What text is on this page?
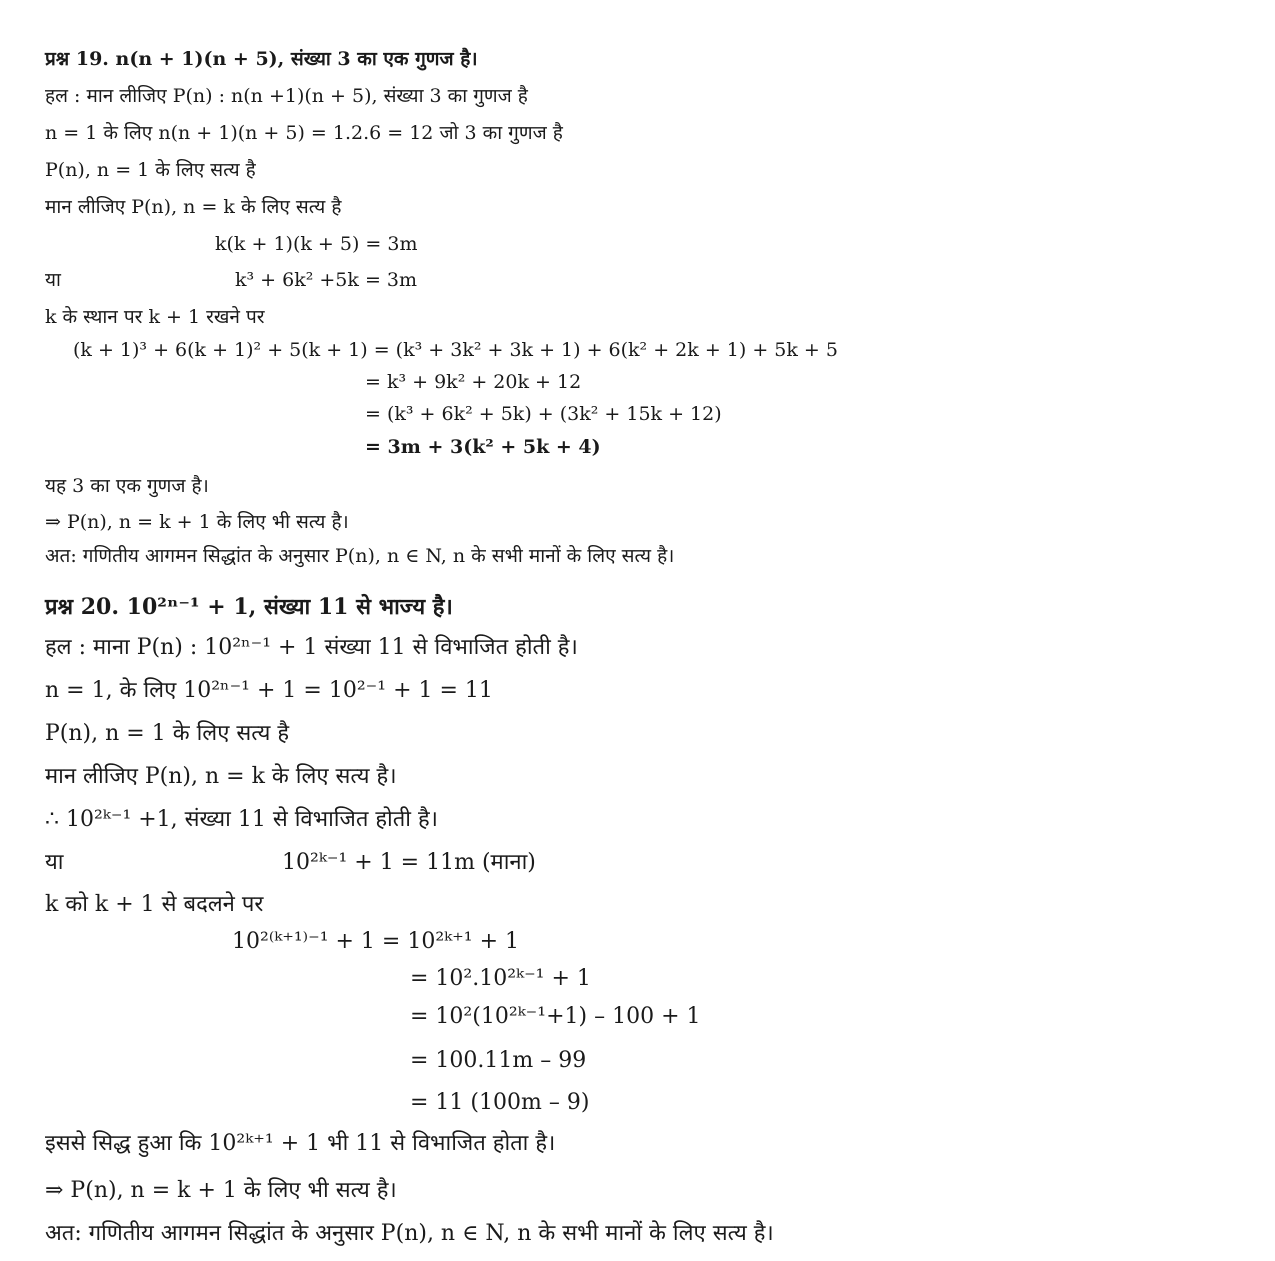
प्रश्न 19. n(n + 1)(n + 5), संख्या 3 का एक गुणज है।
हल : मान लीजिए P(n) : n(n +1)(n + 5), संख्या 3 का गुणज है
n = 1 के लिए n(n + 1)(n + 5) = 1.2.6 = 12 जो 3 का गुणज है
P(n), n = 1 के लिए सत्य है
मान लीजिए P(n), n = k के लिए सत्य है
k(k + 1)(k + 5) = 3m
या	k³ + 6k² +5k = 3m
k के स्थान पर k + 1 रखने पर
(k + 1)³ + 6(k + 1)² + 5(k + 1) = (k³ + 3k² + 3k + 1) + 6(k² + 2k + 1) + 5k + 5
= k³ + 9k² + 20k + 12
= (k³ + 6k² + 5k) + (3k² + 15k + 12)
= 3m + 3(k² + 5k + 4)
यह 3 का एक गुणज है।
⇒ P(n), n = k + 1 के लिए भी सत्य है।
अत: गणितीय आगमन सिद्धांत के अनुसार P(n), n ∈ N, n के सभी मानों के लिए सत्य है।
प्रश्न 20. 10²ⁿ⁻¹ + 1, संख्या 11 से भाज्य है।
हल : माना P(n) : 10²ⁿ⁻¹ + 1 संख्या 11 से विभाजित होती है।
n = 1, के लिए 10²ⁿ⁻¹ + 1 = 10²⁻¹ + 1 = 11
P(n), n = 1 के लिए सत्य है
मान लीजिए P(n), n = k के लिए सत्य है।
∴ 10²ᵏ⁻¹ +1, संख्या 11 से विभाजित होती है।
या	10²ᵏ⁻¹ + 1 = 11m (माना)
k को k + 1 से बदलने पर
10²⁽ᵏ⁺¹⁾⁻¹ + 1 = 10²ᵏ⁺¹ + 1
= 10².10²ᵏ⁻¹ + 1
= 10²(10²ᵏ⁻¹+1) – 100 + 1
= 100.11m – 99
= 11 (100m – 9)
इससे सिद्ध हुआ कि 10²ᵏ⁺¹ + 1 भी 11 से विभाजित होता है।
⇒ P(n), n = k + 1 के लिए भी सत्य है।
अत: गणितीय आगमन सिद्धांत के अनुसार P(n), n ∈ N, n के सभी मानों के लिए सत्य है।
